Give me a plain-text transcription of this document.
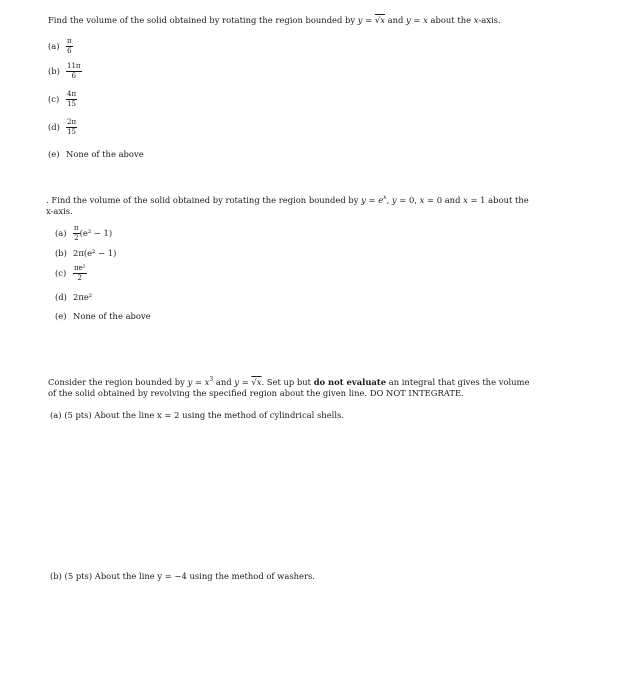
Find the volume of the solid obtained by rotating the region bounded by y = √x and y = x about the x-axis.

$(a) \frac{\pi}{6}$
$(b) \frac{11\pi}{6}$
$(c) \frac{4\pi}{15}$
$(d) \frac{2\pi}{15}$
(e) None of the above

. Find the volume of the solid obtained by rotating the region bounded by $y = e^x$, y = 0, x = 0 and x = 1 about the
x-axis.

$(a) \frac{\pi}{2} (e^2 - 1)$
(b) 2π(e² − 1)
$(c) \frac{\text{πe²}}{2}$
(d) 2πe²
(e) None of the above

Consider the region bounded by $y = x^3$ and y = √x. Set up but do not evaluate an integral that gives the volume
of the solid obtained by revolving the specified region about the given line. DO NOT INTEGRATE.

(a) (5 pts) About the line x = 2 using the method of cylindrical shells.

(b) (5 pts) About the line y = −4 using the method of washers.
